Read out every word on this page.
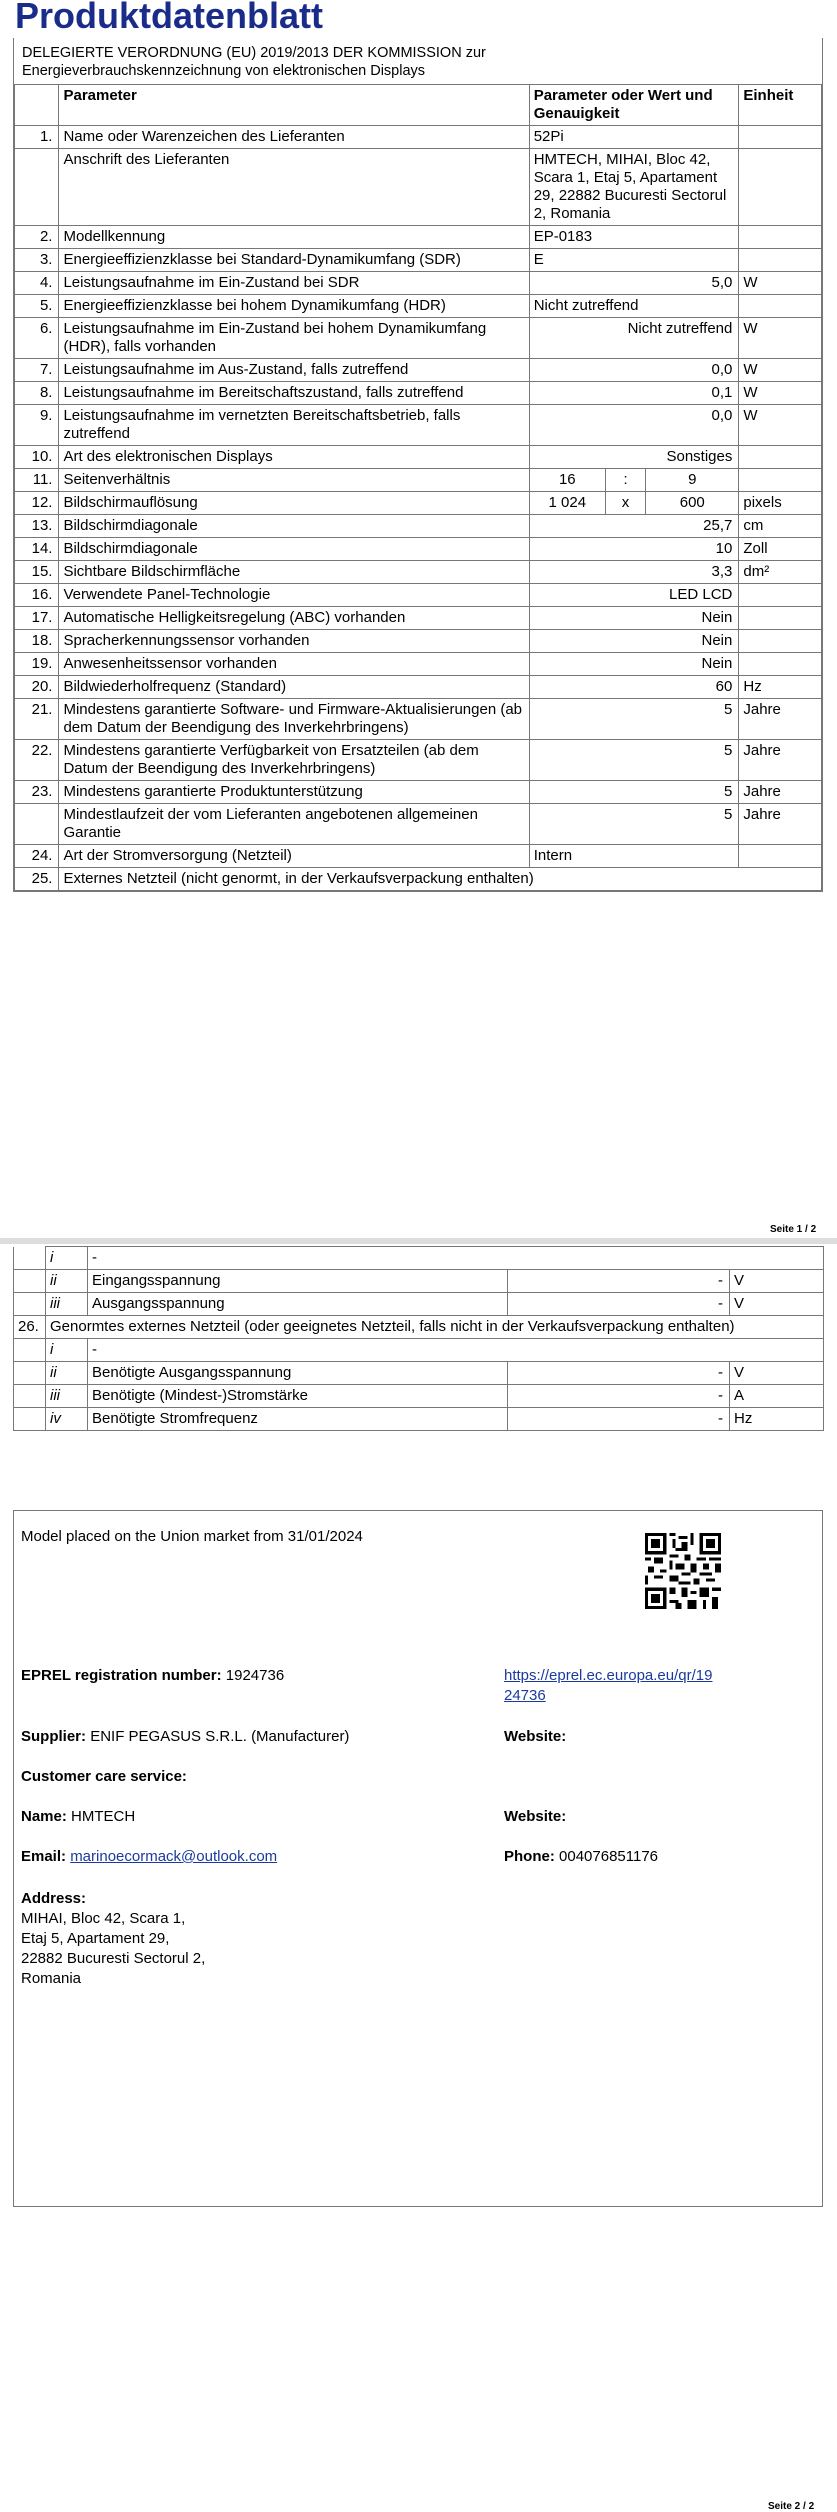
Produktdatenblatt
DELEGIERTE VERORDNUNG (EU) 2019/2013 DER KOMMISSION zur
Energieverbrauchskennzeichnung von elektronischen Displays
	Parameter	Parameter oder Wert und Genauigkeit			Einheit
1.	Name oder Warenzeichen des Lieferanten	52Pi			
	Anschrift des Lieferanten	HMTECH, MIHAI, Bloc 42, Scara 1, Etaj 5, Apartament 29, 22882 Bucuresti Sectorul 2, Romania			
2.	Modellkennung	EP-0183			
3.	Energieeffizienzklasse bei Standard-Dynamikumfang (SDR)	E			
4.	Leistungsaufnahme im Ein-Zustand bei SDR	5,0			W
5.	Energieeffizienzklasse bei hohem Dynamikumfang (HDR)	Nicht zutreffend			
6.	Leistungsaufnahme im Ein-Zustand bei hohem Dynamikumfang (HDR), falls vorhanden	Nicht zutreffend			W
7.	Leistungsaufnahme im Aus-Zustand, falls zutreffend	0,0			W
8.	Leistungsaufnahme im Bereitschaftszustand, falls zutreffend	0,1			W
9.	Leistungsaufnahme im vernetzten Bereitschaftsbetrieb, falls zutreffend	0,0			W
10.	Art des elektronischen Displays	Sonstiges			
11.	Seitenverhältnis	16	:	9	
12.	Bildschirmauflösung	1 024	x	600	pixels
13.	Bildschirmdiagonale	25,7			cm
14.	Bildschirmdiagonale	10			Zoll
15.	Sichtbare Bildschirmfläche	3,3			dm²
16.	Verwendete Panel-Technologie	LED LCD			
17.	Automatische Helligkeitsregelung (ABC) vorhanden	Nein			
18.	Spracherkennungssensor vorhanden	Nein			
19.	Anwesenheitssensor vorhanden	Nein			
20.	Bildwiederholfrequenz (Standard)	60			Hz
21.	Mindestens garantierte Software- und Firmware-Aktualisierungen (ab dem Datum der Beendigung des Inverkehrbringens)	5			Jahre
22.	Mindestens garantierte Verfügbarkeit von Ersatzteilen (ab dem Datum der Beendigung des Inverkehrbringens)	5			Jahre
23.	Mindestens garantierte Produktunterstützung	5			Jahre
	Mindestlaufzeit der vom Lieferanten angebotenen allgemeinen Garantie	5			Jahre
24.	Art der Stromversorgung (Netzteil)	Intern			
25.	Externes Netzteil (nicht genormt, in der Verkaufsverpackung enthalten)				
Seite 1 / 2
	i	-		
	ii	Eingangsspannung	-	V
	iii	Ausgangsspannung	-	V
26.	Genormtes externes Netzteil (oder geeignetes Netzteil, falls nicht in der Verkaufsverpackung enthalten)			
	i	-		
	ii	Benötigte Ausgangsspannung	-	V
	iii	Benötigte (Mindest-)Stromstärke	-	A
	iv	Benötigte Stromfrequenz	-	Hz
Model placed on the Union market from 31/01/2024
EPREL registration number: 1924736	https://eprel.ec.europa.eu/qr/19
24736
Supplier: ENIF PEGASUS S.R.L. (Manufacturer)	Website:
Customer care service:
Name: HMTECH	Website:
Email: marinoecormack@outlook.com	Phone: 004076851176
Address:
MIHAI, Bloc 42, Scara 1,
Etaj 5, Apartament 29,
22882 Bucuresti Sectorul 2,
Romania
Seite 2 / 2
